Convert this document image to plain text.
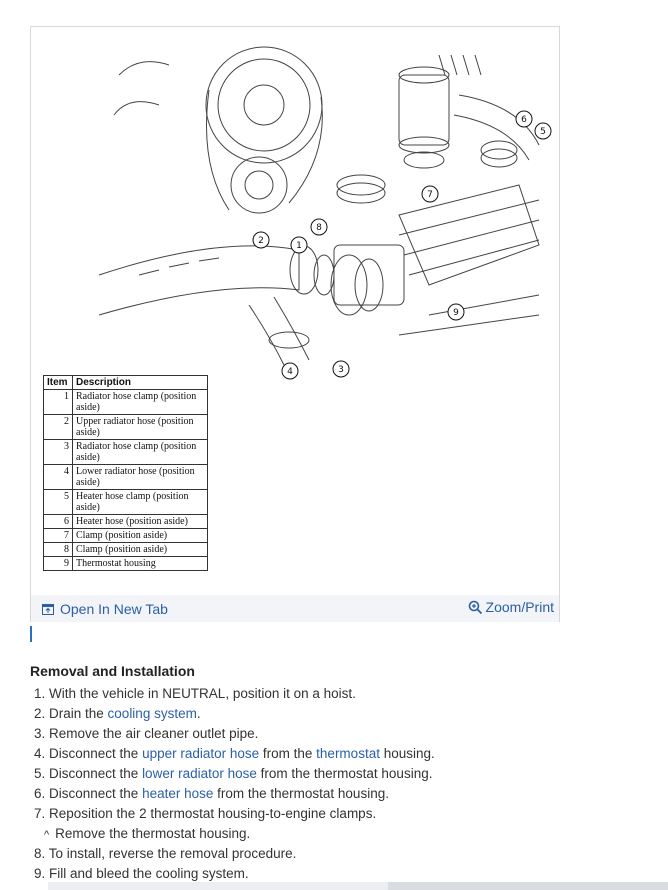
1
2
3
4
5
6
7
8
9
Item	Description
1	Radiator hose clamp (position aside)
2	Upper radiator hose (position aside)
3	Radiator hose clamp (position aside)
4	Lower radiator hose (position aside)
5	Heater hose clamp (position aside)
6	Heater hose (position aside)
7	Clamp (position aside)
8	Clamp (position aside)
9	Thermostat housing
Open In New Tab	Zoom/Print
Removal and Installation
1. With the vehicle in NEUTRAL, position it on a hoist.
2. Drain the cooling system.
3. Remove the air cleaner outlet pipe.
4. Disconnect the upper radiator hose from the thermostat housing.
5. Disconnect the lower radiator hose from the thermostat housing.
6. Disconnect the heater hose from the thermostat housing.
7. Reposition the 2 thermostat housing-to-engine clamps.
^ Remove the thermostat housing.
8. To install, reverse the removal procedure.
9. Fill and bleed the cooling system.
